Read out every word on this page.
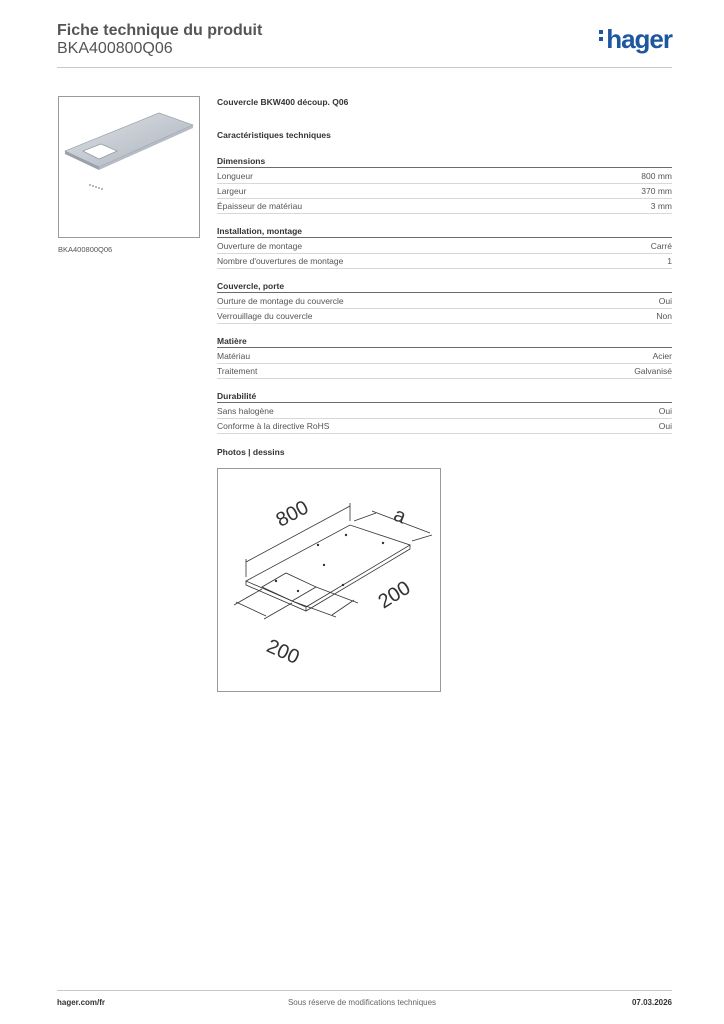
Fiche technique du produit
BKA400800Q06	hager
BKA400800Q06
Couvercle BKW400 découp. Q06
Caractéristiques techniques
Dimensions
Longueur	800 mm
Largeur	370 mm
Épaisseur de matériau	3 mm
Installation, montage
Ouverture de montage	Carré
Nombre d'ouvertures de montage	1
Couvercle, porte
Ourture de montage du couvercle	Oui
Verrouillage du couvercle	Non
Matière
Matériau	Acier
Traitement	Galvanisé
Durabilité
Sans halogène	Oui
Conforme à la directive RoHS	Oui
Photos | dessins
800	a
200
200
hager.com/fr	Sous réserve de modifications techniques	07.03.2026
